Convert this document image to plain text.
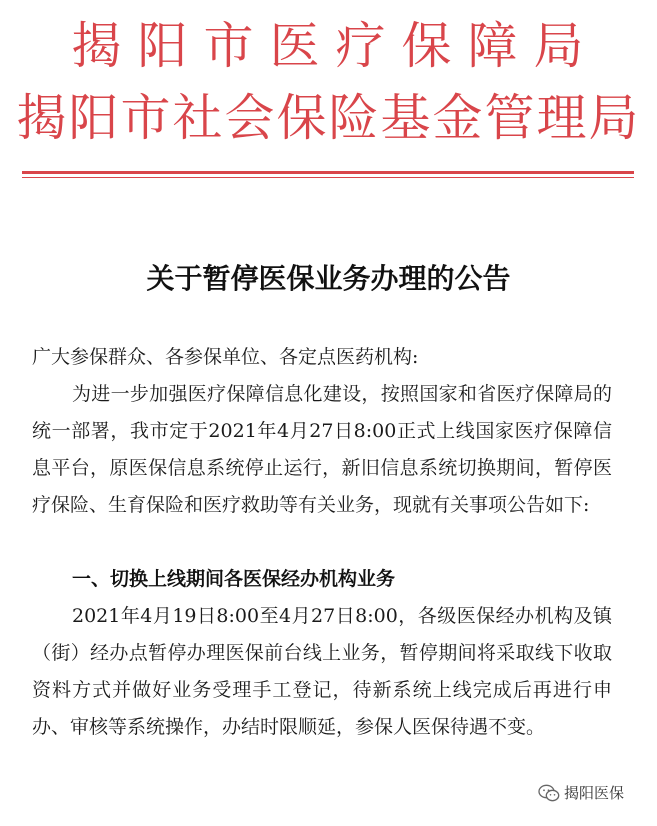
揭阳市医疗保障局
揭阳市社会保险基金管理局
关于暂停医保业务办理的公告
广大参保群众、各参保单位、各定点医药机构:
为进一步加强医疗保障信息化建设，按照国家和省医疗保障局的统一部署，我市定于2021年4月27日8:00正式上线国家医疗保障信息平台，原医保信息系统停止运行，新旧信息系统切换期间，暂停医疗保险、生育保险和医疗救助等有关业务，现就有关事项公告如下:
一、切换上线期间各医保经办机构业务
2021年4月19日8:00至4月27日8:00，各级医保经办机构及镇（街）经办点暂停办理医保前台线上业务，暂停期间将采取线下收取资料方式并做好业务受理手工登记，待新系统上线完成后再进行申办、审核等系统操作，办结时限顺延，参保人医保待遇不变。
揭阳医保
